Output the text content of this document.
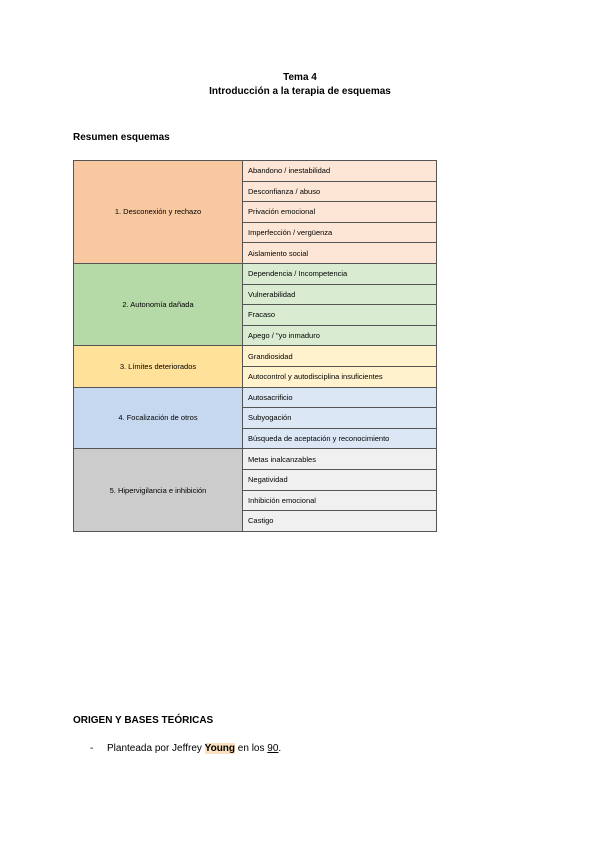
Tema 4
Introducción a la terapia de esquemas
Resumen esquemas
1. Desconexión y rechazo	Abandono / inestabilidad
	Desconfianza / abuso
	Privación emocional
	Imperfección / vergüenza
	Aislamiento social
2. Autonomía dañada	Dependencia / Incompetencia
	Vulnerabilidad
	Fracaso
	Apego / "yo inmaduro
3. Límites deteriorados	Grandiosidad
	Autocontrol y autodisciplina insuficientes
4. Focalización de otros	Autosacrificio
	Subyogación
	Búsqueda de aceptación y reconocimiento
5. Hipervigilancia e inhibición	Metas inalcanzables
	Negatividad
	Inhibición emocional
	Castigo
ORIGEN Y BASES TEÓRICAS
- Planteada por Jeffrey Young en los 90.
